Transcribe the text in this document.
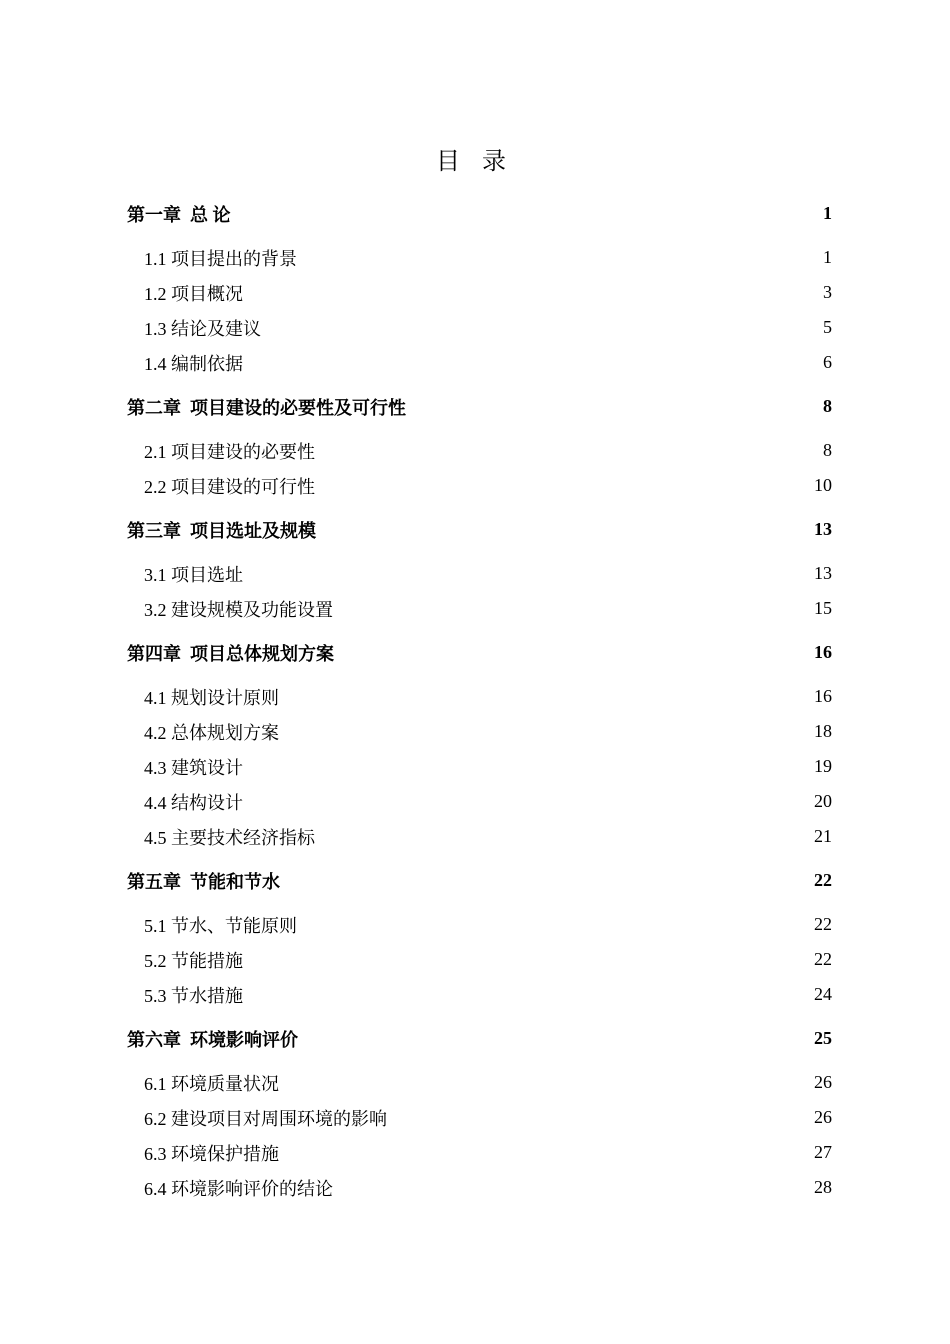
目 录
第一章  总 论	1
1.1 项目提出的背景	1
1.2 项目概况	3
1.3 结论及建议	5
1.4 编制依据	6
第二章  项目建设的必要性及可行性	8
2.1 项目建设的必要性	8
2.2 项目建设的可行性	10
第三章  项目选址及规模	13
3.1 项目选址	13
3.2 建设规模及功能设置	15
第四章  项目总体规划方案	16
4.1 规划设计原则	16
4.2 总体规划方案	18
4.3 建筑设计	19
4.4 结构设计	20
4.5 主要技术经济指标	21
第五章  节能和节水	22
5.1 节水、节能原则	22
5.2 节能措施	22
5.3 节水措施	24
第六章  环境影响评价	25
6.1 环境质量状况	26
6.2 建设项目对周围环境的影响	26
6.3 环境保护措施	27
6.4 环境影响评价的结论	28
